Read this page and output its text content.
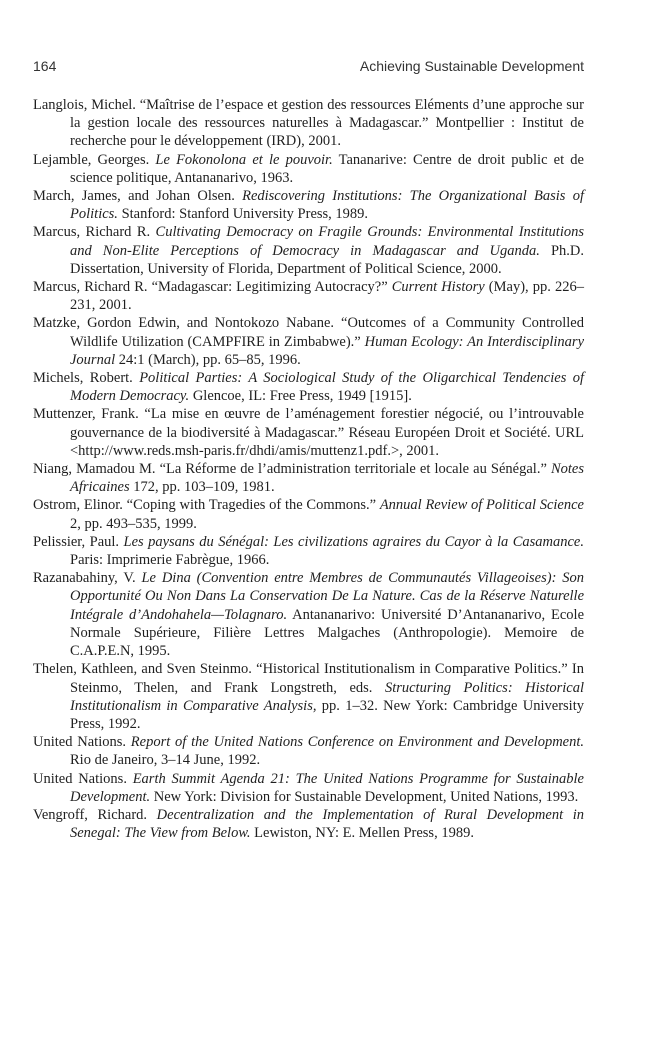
164	Achieving Sustainable Development
Langlois, Michel. “Maîtrise de l’espace et gestion des ressources Eléments d’une approche sur la gestion locale des ressources naturelles à Madagascar.” Montpellier : Institut de recherche pour le développement (IRD), 2001.
Lejamble, Georges. Le Fokonolona et le pouvoir. Tananarive: Centre de droit public et de science politique, Antananarivo, 1963.
March, James, and Johan Olsen. Rediscovering Institutions: The Organizational Basis of Politics. Stanford: Stanford University Press, 1989.
Marcus, Richard R. Cultivating Democracy on Fragile Grounds: Environmental Institutions and Non-Elite Perceptions of Democracy in Madagascar and Uganda. Ph.D. Dissertation, University of Florida, Department of Political Science, 2000.
Marcus, Richard R. “Madagascar: Legitimizing Autocracy?” Current History (May), pp. 226–231, 2001.
Matzke, Gordon Edwin, and Nontokozo Nabane. “Outcomes of a Community Controlled Wildlife Utilization (CAMPFIRE in Zimbabwe).” Human Ecology: An Interdisciplinary Journal 24:1 (March), pp. 65–85, 1996.
Michels, Robert. Political Parties: A Sociological Study of the Oligarchical Tendencies of Modern Democracy. Glencoe, IL: Free Press, 1949 [1915].
Muttenzer, Frank. “La mise en œuvre de l’aménagement forestier négocié, ou l’introuvable gouvernance de la biodiversité à Madagascar.” Réseau Européen Droit et Société. URL <http://www.reds.msh-paris.fr/dhdi/amis/muttenz1.pdf.>, 2001.
Niang, Mamadou M. “La Réforme de l’administration territoriale et locale au Sénégal.” Notes Africaines 172, pp. 103–109, 1981.
Ostrom, Elinor. “Coping with Tragedies of the Commons.” Annual Review of Political Science 2, pp. 493–535, 1999.
Pelissier, Paul. Les paysans du Sénégal: Les civilizations agraires du Cayor à la Casamance. Paris: Imprimerie Fabrègue, 1966.
Razanabahiny, V. Le Dina (Convention entre Membres de Communautés Villageoises): Son Opportunité Ou Non Dans La Conservation De La Nature. Cas de la Réserve Naturelle Intégrale d’Andohahela—Tolagnaro. Antananarivo: Université D’Antananarivo, Ecole Normale Supérieure, Filière Lettres Malgaches (Anthropologie). Memoire de C.A.P.E.N, 1995.
Thelen, Kathleen, and Sven Steinmo. “Historical Institutionalism in Comparative Politics.” In Steinmo, Thelen, and Frank Longstreth, eds. Structuring Politics: Historical Institutionalism in Comparative Analysis, pp. 1–32. New York: Cambridge University Press, 1992.
United Nations. Report of the United Nations Conference on Environment and Development. Rio de Janeiro, 3–14 June, 1992.
United Nations. Earth Summit Agenda 21: The United Nations Programme for Sustainable Development. New York: Division for Sustainable Development, United Nations, 1993.
Vengroff, Richard. Decentralization and the Implementation of Rural Development in Senegal: The View from Below. Lewiston, NY: E. Mellen Press, 1989.
